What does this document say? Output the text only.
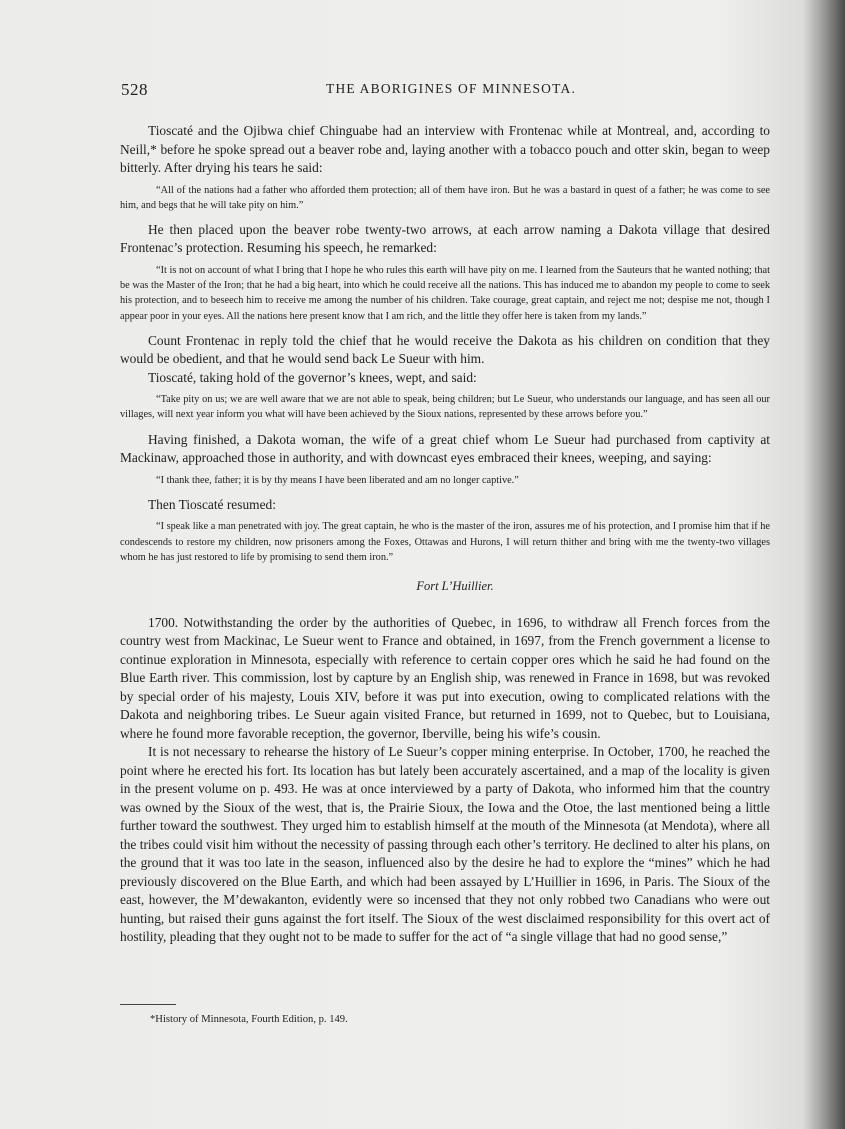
528	THE ABORIGINES OF MINNESOTA.

Tioscaté and the Ojibwa chief Chinguabe had an interview with Frontenac while at Montreal, and, according to Neill,* before he spoke spread out a beaver robe and, laying another with a tobacco pouch and otter skin, began to weep bitterly. After drying his tears he said:

“All of the nations had a father who afforded them protection; all of them have iron. But he was a bastard in quest of a father; he was come to see him, and begs that he will take pity on him.”

He then placed upon the beaver robe twenty-two arrows, at each arrow naming a Dakota village that desired Frontenac’s protection. Resuming his speech, he remarked:

“It is not on account of what I bring that I hope he who rules this earth will have pity on me. I learned from the Sauteurs that he wanted nothing; that be was the Master of the Iron; that he had a big heart, into which he could receive all the nations. This has induced me to abandon my people to come to seek his protection, and to beseech him to receive me among the number of his children. Take courage, great captain, and reject me not; despise me not, though I appear poor in your eyes. All the nations here present know that I am rich, and the little they offer here is taken from my lands.”

Count Frontenac in reply told the chief that he would receive the Dakota as his children on condition that they would be obedient, and that he would send back Le Sueur with him.

Tioscaté, taking hold of the governor’s knees, wept, and said:

“Take pity on us; we are well aware that we are not able to speak, being children; but Le Sueur, who understands our language, and has seen all our villages, will next year inform you what will have been achieved by the Sioux nations, represented by these arrows before you.”

Having finished, a Dakota woman, the wife of a great chief whom Le Sueur had purchased from captivity at Mackinaw, approached those in authority, and with downcast eyes embraced their knees, weeping, and saying:

“I thank thee, father; it is by thy means I have been liberated and am no longer captive.”

Then Tioscaté resumed:

“I speak like a man penetrated with joy. The great captain, he who is the master of the iron, assures me of his protection, and I promise him that if he condescends to restore my children, now prisoners among the Foxes, Ottawas and Hurons, I will return thither and bring with me the twenty-two villages whom he has just restored to life by promising to send them iron.”

Fort L’Huillier.

1700. Notwithstanding the order by the authorities of Quebec, in 1696, to withdraw all French forces from the country west from Mackinac, Le Sueur went to France and obtained, in 1697, from the French government a license to continue exploration in Minnesota, especially with reference to certain copper ores which he said he had found on the Blue Earth river. This commission, lost by capture by an English ship, was renewed in France in 1698, but was revoked by special order of his majesty, Louis XIV, before it was put into execution, owing to complicated relations with the Dakota and neighboring tribes. Le Sueur again visited France, but returned in 1699, not to Quebec, but to Louisiana, where he found more favorable reception, the governor, Iberville, being his wife’s cousin.

It is not necessary to rehearse the history of Le Sueur’s copper mining enterprise. In October, 1700, he reached the point where he erected his fort. Its location has but lately been accurately ascertained, and a map of the locality is given in the present volume on p. 493. He was at once interviewed by a party of Dakota, who informed him that the country was owned by the Sioux of the west, that is, the Prairie Sioux, the Iowa and the Otoe, the last mentioned being a little further toward the southwest. They urged him to establish himself at the mouth of the Minnesota (at Mendota), where all the tribes could visit him without the necessity of passing through each other’s territory. He declined to alter his plans, on the ground that it was too late in the season, influenced also by the desire he had to explore the “mines” which he had previously discovered on the Blue Earth, and which had been assayed by L’Huillier in 1696, in Paris. The Sioux of the east, however, the M’dewakanton, evidently were so incensed that they not only robbed two Canadians who were out hunting, but raised their guns against the fort itself. The Sioux of the west disclaimed responsibility for this overt act of hostility, pleading that they ought not to be made to suffer for the act of “a single village that had no good sense,”

*History of Minnesota, Fourth Edition, p. 149.
